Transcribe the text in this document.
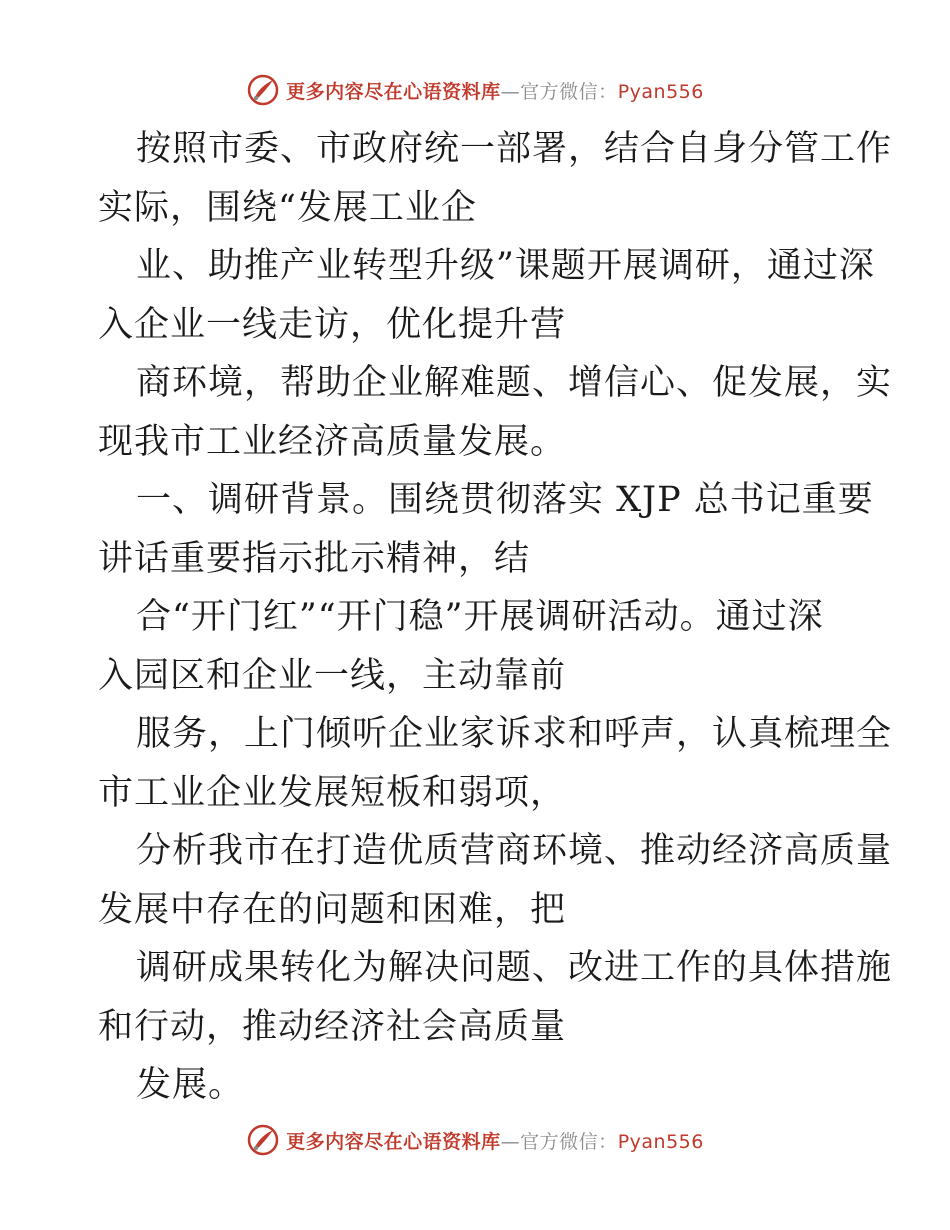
更多内容尽在心语资料库—官方微信：Pyan556
按照市委、市政府统一部署，结合自身分管工作
实际，围绕“发展工业企
业、助推产业转型升级”课题开展调研，通过深
入企业一线走访，优化提升营
商环境，帮助企业解难题、增信心、促发展，实
现我市工业经济高质量发展。
一、调研背景。围绕贯彻落实 XJP 总书记重要
讲话重要指示批示精神，结
合“开门红”“开门稳”开展调研活动。通过深
入园区和企业一线，主动靠前
服务，上门倾听企业家诉求和呼声，认真梳理全
市工业企业发展短板和弱项，
分析我市在打造优质营商环境、推动经济高质量
发展中存在的问题和困难，把
调研成果转化为解决问题、改进工作的具体措施
和行动，推动经济社会高质量
发展。
更多内容尽在心语资料库—官方微信：Pyan556
